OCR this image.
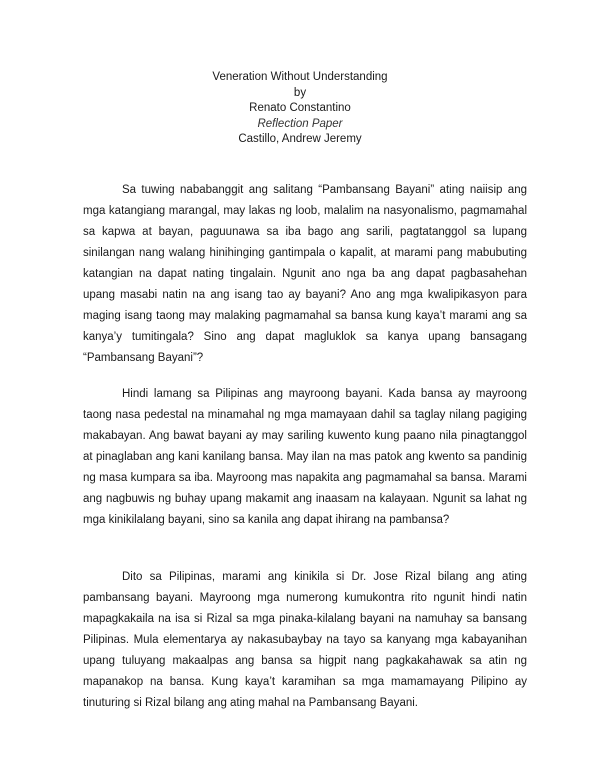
Veneration Without Understanding
by
Renato Constantino
Reflection Paper
Castillo, Andrew Jeremy

Sa tuwing nababanggit ang salitang “Pambansang Bayani” ating naiisip ang mga katangiang marangal, may lakas ng loob, malalim na nasyonalismo, pagmamahal sa kapwa at bayan, paguunawa sa iba bago ang sarili, pagtatanggol sa lupang sinilangan nang walang hinihinging gantimpala o kapalit, at marami pang mabubuting katangian na dapat nating tingalain. Ngunit ano nga ba ang dapat pagbasahehan upang masabi natin na ang isang tao ay bayani? Ano ang mga kwalipikasyon para maging isang taong may malaking pagmamahal sa bansa kung kaya’t marami ang sa kanya’y tumitingala? Sino ang dapat magluklok sa kanya upang bansagang “Pambansang Bayani”?

Hindi lamang sa Pilipinas ang mayroong bayani. Kada bansa ay mayroong taong nasa pedestal na minamahal ng mga mamayaan dahil sa taglay nilang pagiging makabayan. Ang bawat bayani ay may sariling kuwento kung paano nila pinagtanggol at pinaglaban ang kani kanilang bansa. May ilan na mas patok ang kwento sa pandinig ng masa kumpara sa iba. Mayroong mas napakita ang pagmamahal sa bansa. Marami ang nagbuwis ng buhay upang makamit ang inaasam na kalayaan. Ngunit sa lahat ng mga kinikilalang bayani, sino sa kanila ang dapat ihirang na pambansa?

Dito sa Pilipinas, marami ang kinikila si Dr. Jose Rizal bilang ang ating pambansang bayani. Mayroong mga numerong kumukontra rito ngunit hindi natin mapagkakaila na isa si Rizal sa mga pinaka-kilalang bayani na namuhay sa bansang Pilipinas. Mula elementarya ay nakasubaybay na tayo sa kanyang mga kabayanihan upang tuluyang makaalpas ang bansa sa higpit nang pagkakahawak sa atin ng mapanakop na bansa. Kung kaya’t karamihan sa mga mamamayang Pilipino ay tinuturing si Rizal bilang ang ating mahal na Pambansang Bayani.
